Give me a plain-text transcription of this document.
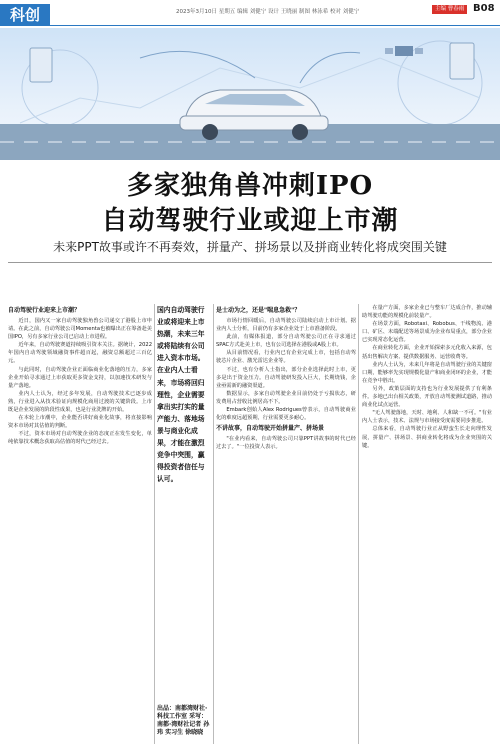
科创	2023年3月10日 星期五 编辑 刘健宁 设计 王晓丽 制图 林泳希 校对 刘健宁	主编 曹春雨 B08
多家独角兽冲刺IPO
自动驾驶行业或迎上市潮
未来PPT故事或许不再奏效，拼量产、拼场景以及拼商业转化将成突围关键
自动驾驶行业迎来上市潮？

近日，国内又一家自动驾驶独角兽公司递交了港股上市申请。在此之前，自动驾驶公司Momenta也被曝出正在筹备赴美国IPO，另有多家行业公司已启动上市进程。

近年来，自动驾驶赛道持续吸引资本关注。据统计，2022年国内自动驾驶领域融资事件超百起，融资总额超过三百亿元。

与此同时，自动驾驶企业正面临商业化落地的压力，多家企业开始寻求通过上市获取更多资金支持，以加速技术研发与量产落地。

业内人士认为，经过多年发展，自动驾驶技术已逐步成熟，行业进入从技术验证向规模化商用过渡的关键阶段。上市既是企业发展的阶段性成果，也是行业洗牌的开始。

在本轮上市潮中，企业能否讲好商业化故事，将直接影响资本市场对其估值的判断。

不过，资本市场对自动驾驶企业的态度正在发生变化，单纯依靠技术概念获取高估值的时代已经过去。

国内自动驾驶行业或将迎来上市热潮，未来三年或将陆续有公司进入资本市场。在业内人士看来，市场将回归理性，企业需要拿出实打实的量产能力、落地场景与商业化成果，才能在激烈竞争中突围，赢得投资者信任与认可。
出品：南都湾财社·科技工作室 采写：南都·湾财社记者 孙玮 实习生 徐晓晓
是士动为之，还是"喘息急救"？

市场行情回暖后，自动驾驶公司陆续启动上市计划。据业内人士分析，目前仍有多家企业处于上市准备阶段。

此前，有媒体报道，部分自动驾驶公司正在寻求通过SPAC方式赴美上市，也有公司选择在港股或A股上市。

从目前情况看，行业内已有企业完成上市，包括自动驾驶芯片企业、激光雷达企业等。

不过，也有分析人士指出，部分企业选择此时上市，更多是出于资金压力。自动驾驶研发投入巨大，长期烧钱，企业亟需新的融资渠道。

数据显示，多家自动驾驶企业目前仍处于亏损状态，研发费用占营收比例居高不下。

Embark创始人Alex Rodrigues曾表示，自动驾驶商业化的难度远超预期，行业需要更多耐心。

不讲故事，自动驾驶开始拼量产、拼场景

"在业内看来，自动驾驶公司只靠PPT讲故事的时代已经过去了。"一位投资人表示。

在量产方面，多家企业已与整车厂达成合作，推动辅助驾驶功能的规模化前装量产。

在场景方面，Robotaxi、Robobus、干线物流、港口、矿区、末端配送等场景成为企业布局重点，部分企业已实现常态化运营。

在商业转化方面，企业开始探索多元化收入来源，包括出售解决方案、提供数据服务、运营收费等。

业内人士认为，未来几年将是自动驾驶行业的关键窗口期，能够率先实现规模化量产和商业闭环的企业，才能在竞争中胜出。

另外，政策层面的支持也为行业发展提供了有利条件。多地已出台相关政策，开放自动驾驶测试道路，推动商业化试点运营。

"无人驾驶落地，天时、地利、人和缺一不可。"有业内人士表示，技术、法规与市场接受度需要同步推进。

总体来看，自动驾驶行业正从野蛮生长走向理性发展，拼量产、拼场景、拼商业转化将成为企业突围的关键。
